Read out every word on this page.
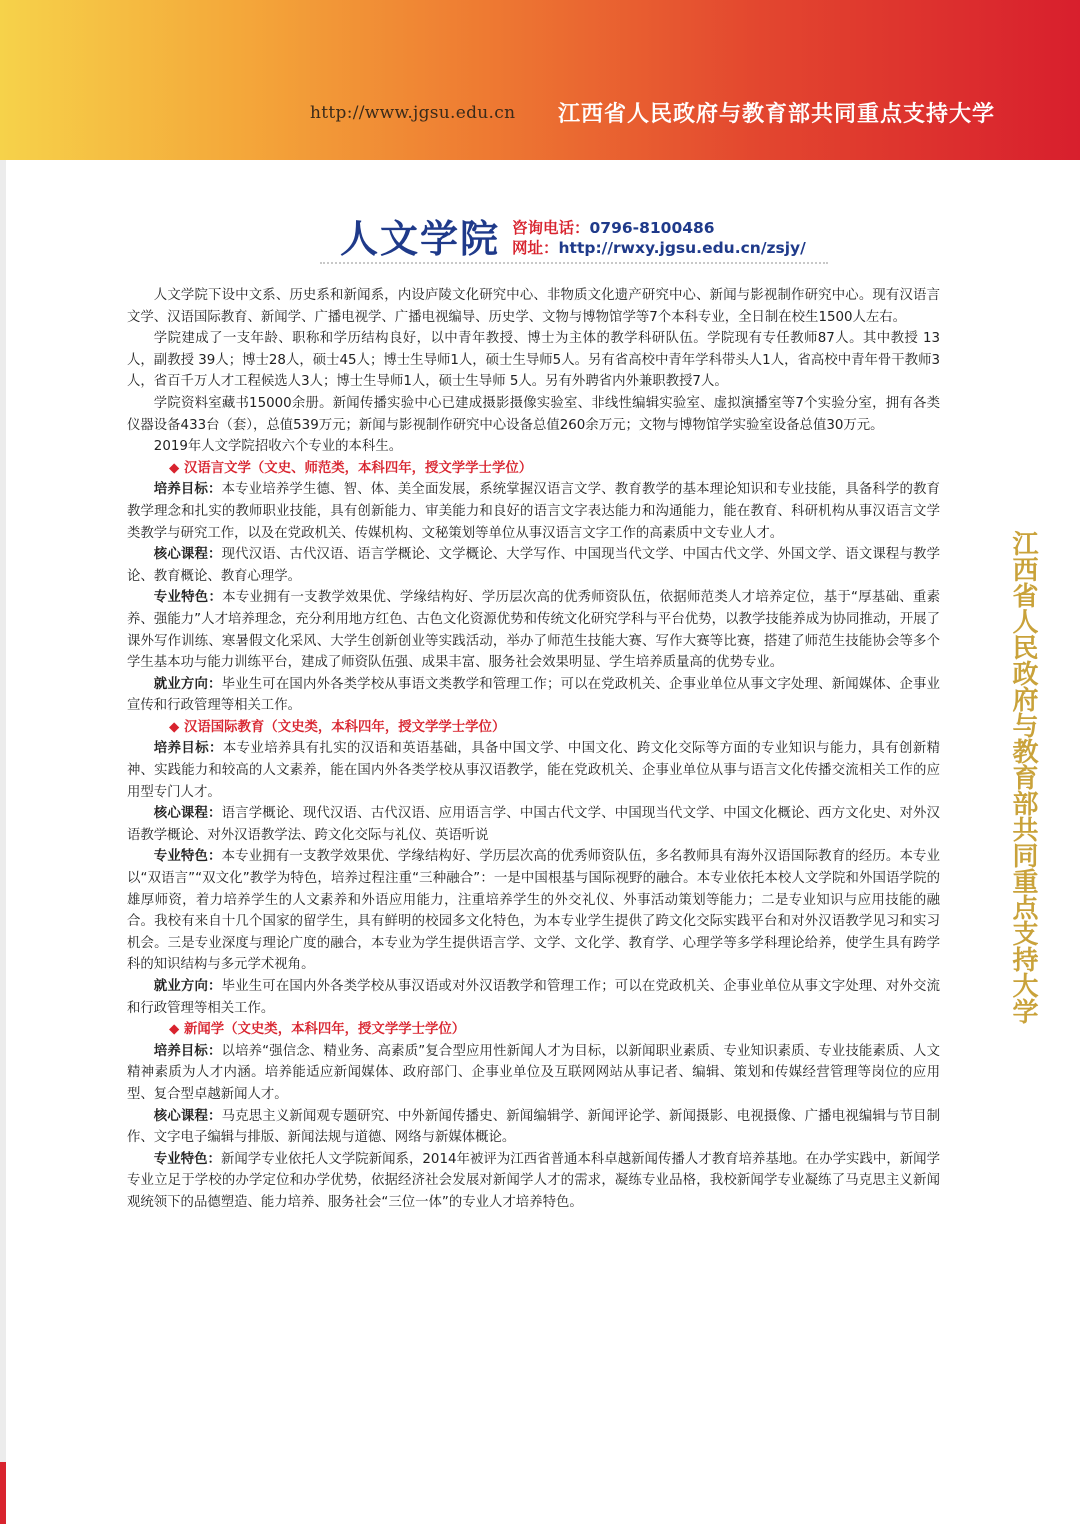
http://www.jgsu.edu.cn 江西省人民政府与教育部共同重点支持大学
人文学院 咨询电话：0796-8100486
网址：http://rwxy.jgsu.edu.cn/zsjy/

人文学院下设中文系、历史系和新闻系，内设庐陵文化研究中心、非物质文化遗产研究中心、新闻与影视制作研究中心。现有汉语言文学、汉语国际教育、新闻学、广播电视学、广播电视编导、历史学、文物与博物馆学等7个本科专业，全日制在校生1500人左右。

学院建成了一支年龄、职称和学历结构良好，以中青年教授、博士为主体的教学科研队伍。学院现有专任教师87人。其中教授 13人，副教授 39人；博士28人，硕士45人；博士生导师1人，硕士生导师5人。另有省高校中青年学科带头人1人，省高校中青年骨干教师3人，省百千万人才工程候选人3人；博士生导师1人，硕士生导师 5人。另有外聘省内外兼职教授7人。

学院资料室藏书15000余册。新闻传播实验中心已建成摄影摄像实验室、非线性编辑实验室、虚拟演播室等7个实验分室，拥有各类仪器设备433台（套），总值539万元；新闻与影视制作研究中心设备总值260余万元；文物与博物馆学实验室设备总值30万元。

2019年人文学院招收六个专业的本科生。

◆ 汉语言文学（文史、师范类，本科四年，授文学学士学位）

培养目标：本专业培养学生德、智、体、美全面发展，系统掌握汉语言文学、教育教学的基本理论知识和专业技能，具备科学的教育教学理念和扎实的教师职业技能，具有创新能力、审美能力和良好的语言文字表达能力和沟通能力，能在教育、科研机构从事汉语言文学类教学与研究工作，以及在党政机关、传媒机构、文秘策划等单位从事汉语言文字工作的高素质中文专业人才。

核心课程：现代汉语、古代汉语、语言学概论、文学概论、大学写作、中国现当代文学、中国古代文学、外国文学、语文课程与教学论、教育概论、教育心理学。

专业特色：本专业拥有一支教学效果优、学缘结构好、学历层次高的优秀师资队伍，依据师范类人才培养定位，基于“厚基础、重素养、强能力”人才培养理念，充分利用地方红色、古色文化资源优势和传统文化研究学科与平台优势，以教学技能养成为协同推动，开展了课外写作训练、寒暑假文化采风、大学生创新创业等实践活动，举办了师范生技能大赛、写作大赛等比赛，搭建了师范生技能协会等多个学生基本功与能力训练平台，建成了师资队伍强、成果丰富、服务社会效果明显、学生培养质量高的优势专业。

就业方向：毕业生可在国内外各类学校从事语文类教学和管理工作；可以在党政机关、企事业单位从事文字处理、新闻媒体、企事业宣传和行政管理等相关工作。

◆ 汉语国际教育（文史类，本科四年，授文学学士学位）

培养目标：本专业培养具有扎实的汉语和英语基础，具备中国文学、中国文化、跨文化交际等方面的专业知识与能力，具有创新精神、实践能力和较高的人文素养，能在国内外各类学校从事汉语教学，能在党政机关、企事业单位从事与语言文化传播交流相关工作的应用型专门人才。

核心课程：语言学概论、现代汉语、古代汉语、应用语言学、中国古代文学、中国现当代文学、中国文化概论、西方文化史、对外汉语教学概论、对外汉语教学法、跨文化交际与礼仪、英语听说

专业特色：本专业拥有一支教学效果优、学缘结构好、学历层次高的优秀师资队伍，多名教师具有海外汉语国际教育的经历。本专业以“双语言”“双文化”教学为特色，培养过程注重“三种融合”：一是中国根基与国际视野的融合。本专业依托本校人文学院和外国语学院的雄厚师资，着力培养学生的人文素养和外语应用能力，注重培养学生的外交礼仪、外事活动策划等能力；二是专业知识与应用技能的融合。我校有来自十几个国家的留学生，具有鲜明的校园多文化特色，为本专业学生提供了跨文化交际实践平台和对外汉语教学见习和实习机会。三是专业深度与理论广度的融合，本专业为学生提供语言学、文学、文化学、教育学、心理学等多学科理论给养，使学生具有跨学科的知识结构与多元学术视角。

就业方向：毕业生可在国内外各类学校从事汉语或对外汉语教学和管理工作；可以在党政机关、企事业单位从事文字处理、对外交流和行政管理等相关工作。

◆ 新闻学（文史类，本科四年，授文学学士学位）

培养目标：以培养“强信念、精业务、高素质”复合型应用性新闻人才为目标，以新闻职业素质、专业知识素质、专业技能素质、人文精神素质为人才内涵。培养能适应新闻媒体、政府部门、企事业单位及互联网网站从事记者、编辑、策划和传媒经营管理等岗位的应用型、复合型卓越新闻人才。

核心课程：马克思主义新闻观专题研究、中外新闻传播史、新闻编辑学、新闻评论学、新闻摄影、电视摄像、广播电视编辑与节目制作、文字电子编辑与排版、新闻法规与道德、网络与新媒体概论。

专业特色：新闻学专业依托人文学院新闻系，2014年被评为江西省普通本科卓越新闻传播人才教育培养基地。在办学实践中，新闻学专业立足于学校的办学定位和办学优势，依据经济社会发展对新闻学人才的需求，凝练专业品格，我校新闻学专业凝练了马克思主义新闻观统领下的品德塑造、能力培养、服务社会“三位一体”的专业人才培养特色。

江西省人民政府与教育部共同重点支持大学
